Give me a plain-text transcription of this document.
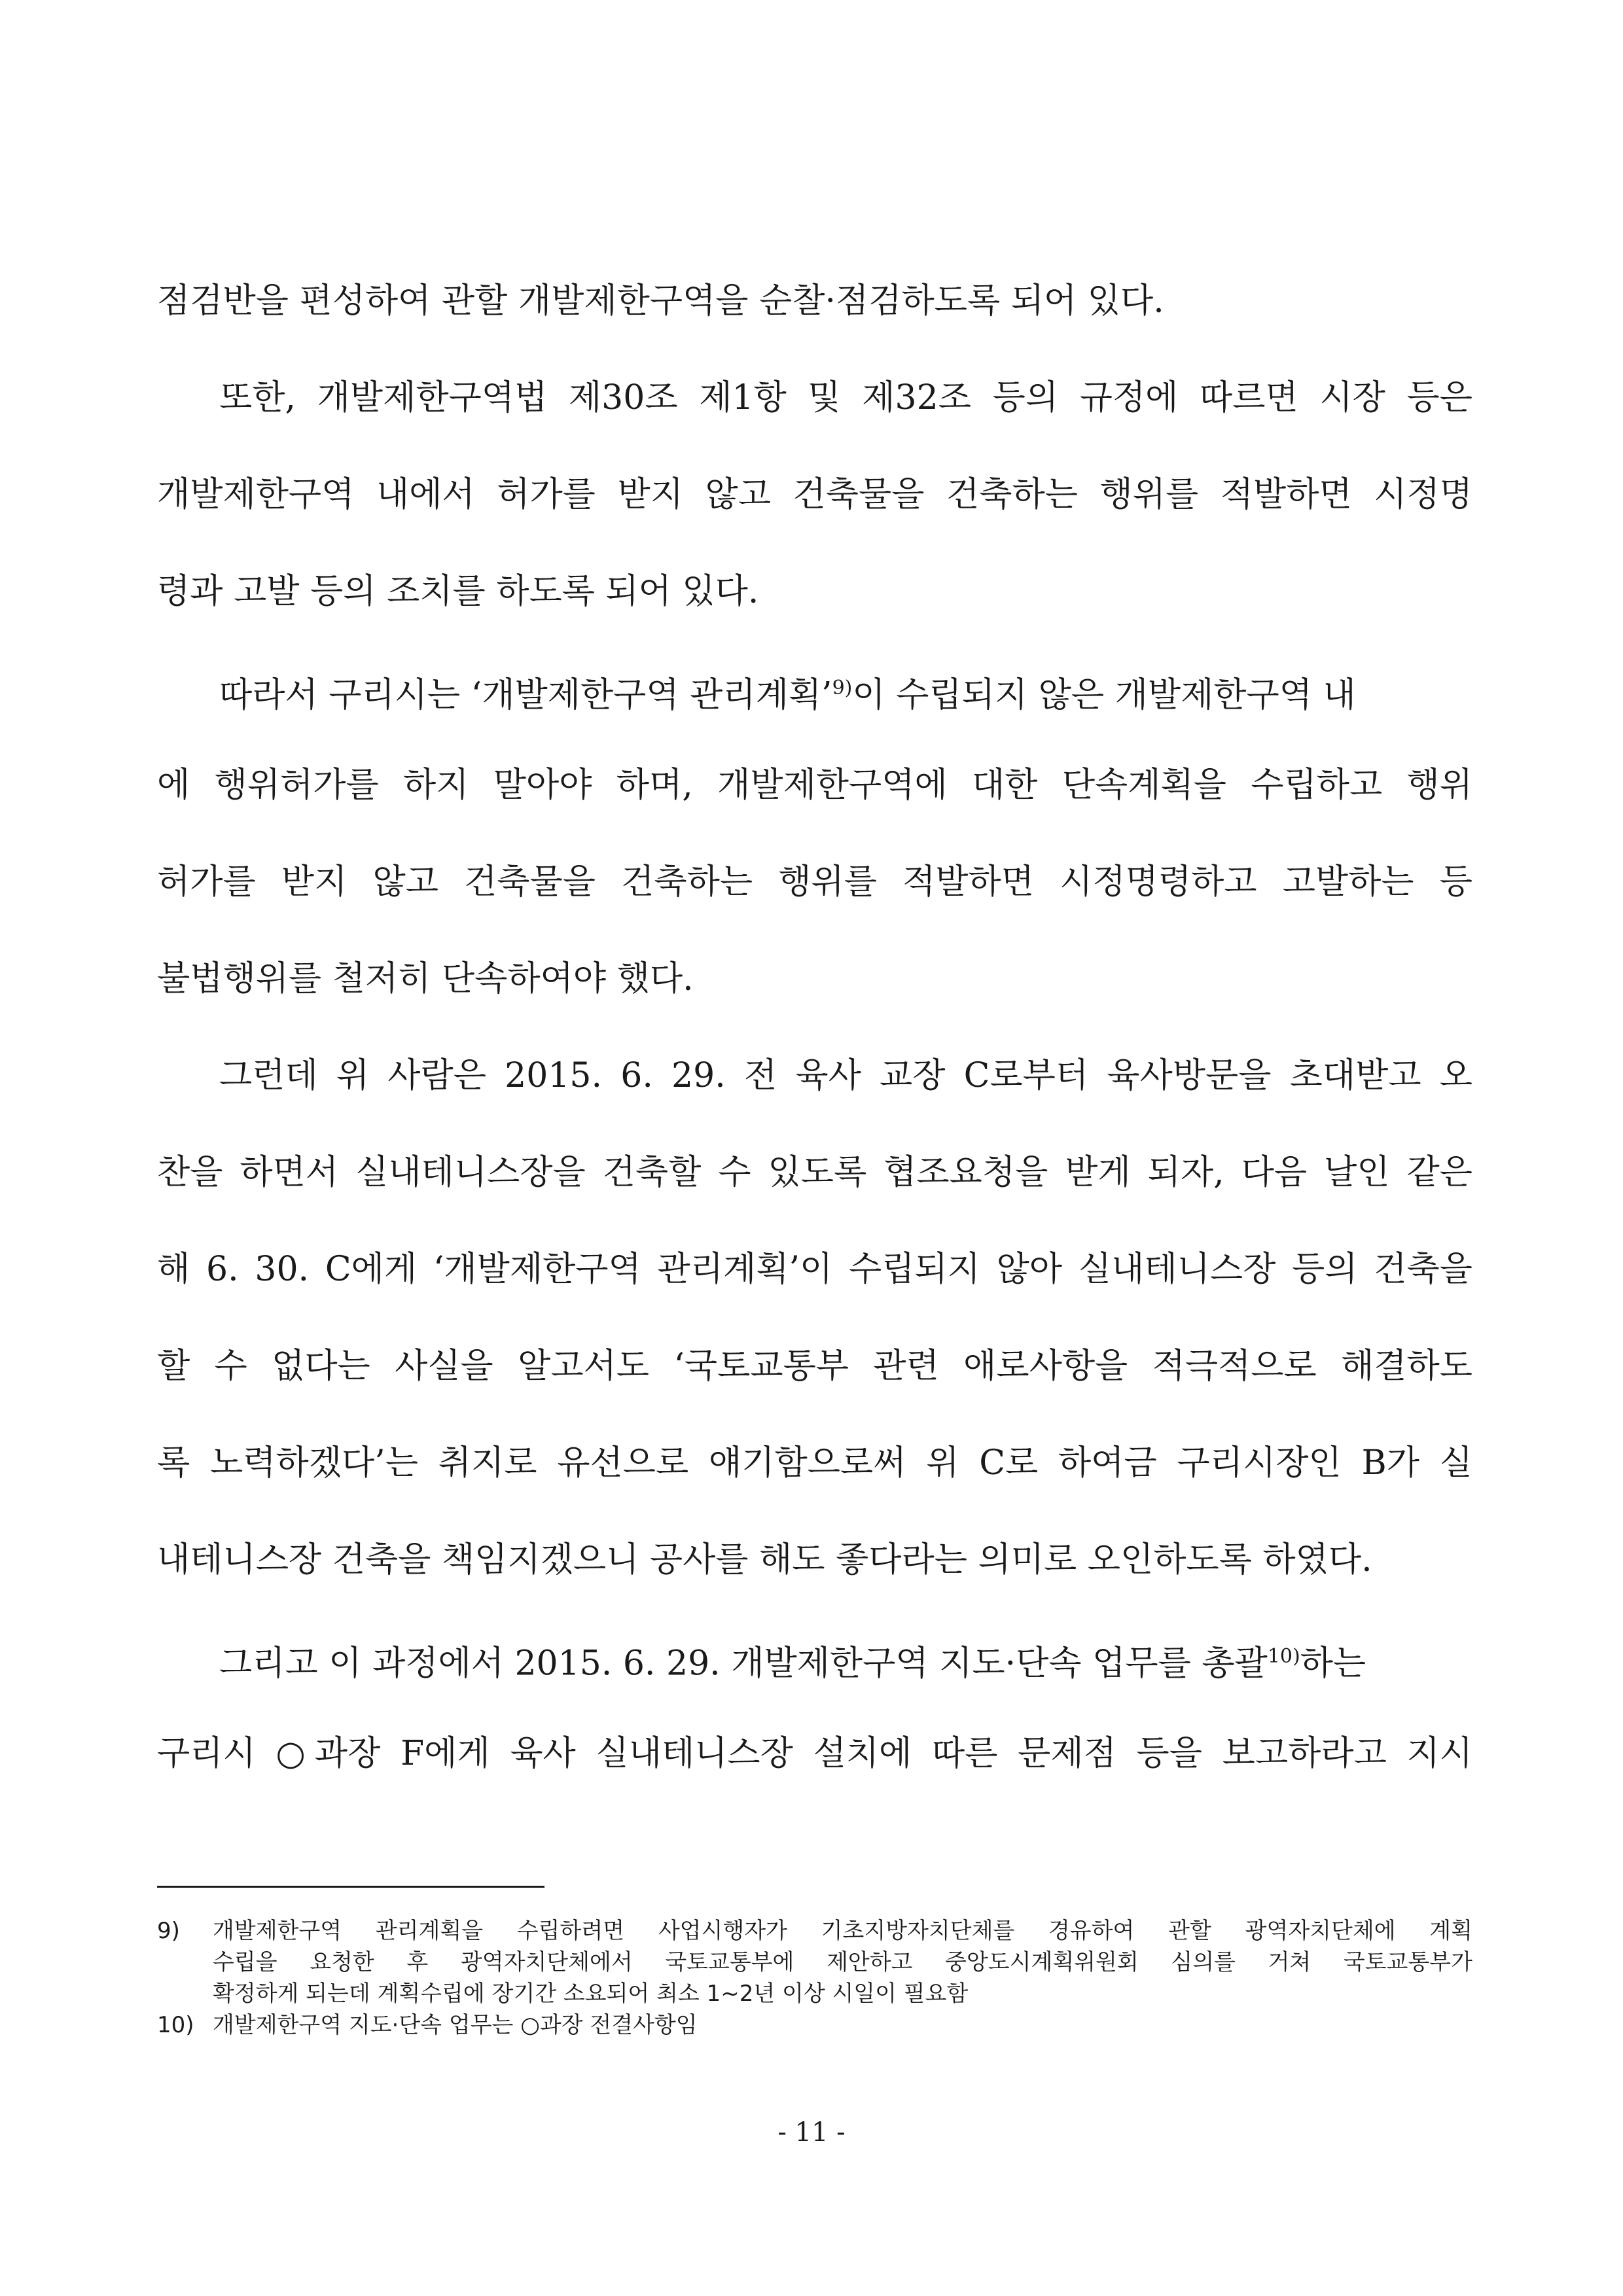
점검반을 편성하여 관할 개발제한구역을 순찰·점검하도록 되어 있다.
또한, 개발제한구역법 제30조 제1항 및 제32조 등의 규정에 따르면 시장 등은
개발제한구역 내에서 허가를 받지 않고 건축물을 건축하는 행위를 적발하면 시정명
령과 고발 등의 조치를 하도록 되어 있다.
따라서 구리시는 ‘개발제한구역 관리계획’$^{9)}$이 수립되지 않은 개발제한구역 내
에 행위허가를 하지 말아야 하며, 개발제한구역에 대한 단속계획을 수립하고 행위
허가를 받지 않고 건축물을 건축하는 행위를 적발하면 시정명령하고 고발하는 등
불법행위를 철저히 단속하여야 했다.
그런데 위 사람은 2015. 6. 29. 전 육사 교장 C로부터 육사방문을 초대받고 오
찬을 하면서 실내테니스장을 건축할 수 있도록 협조요청을 받게 되자, 다음 날인 같은
해 6. 30. C에게 ‘개발제한구역 관리계획’이 수립되지 않아 실내테니스장 등의 건축을
할 수 없다는 사실을 알고서도 ‘국토교통부 관련 애로사항을 적극적으로 해결하도
록 노력하겠다’는 취지로 유선으로 얘기함으로써 위 C로 하여금 구리시장인 B가 실
내테니스장 건축을 책임지겠으니 공사를 해도 좋다라는 의미로 오인하도록 하였다.
그리고 이 과정에서 2015. 6. 29. 개발제한구역 지도·단속 업무를 총괄$^{10)}$하는
구리시 ○과장 F에게 육사 실내테니스장 설치에 따른 문제점 등을 보고하라고 지시
9) 개발제한구역 관리계획을 수립하려면 사업시행자가 기초지방자치단체를 경유하여 관할 광역자치단체에 계획
수립을 요청한 후 광역자치단체에서 국토교통부에 제안하고 중앙도시계획위원회 심의를 거쳐 국토교통부가
확정하게 되는데 계획수립에 장기간 소요되어 최소 1~2년 이상 시일이 필요함
10) 개발제한구역 지도·단속 업무는 ○과장 전결사항임
- 11 -
